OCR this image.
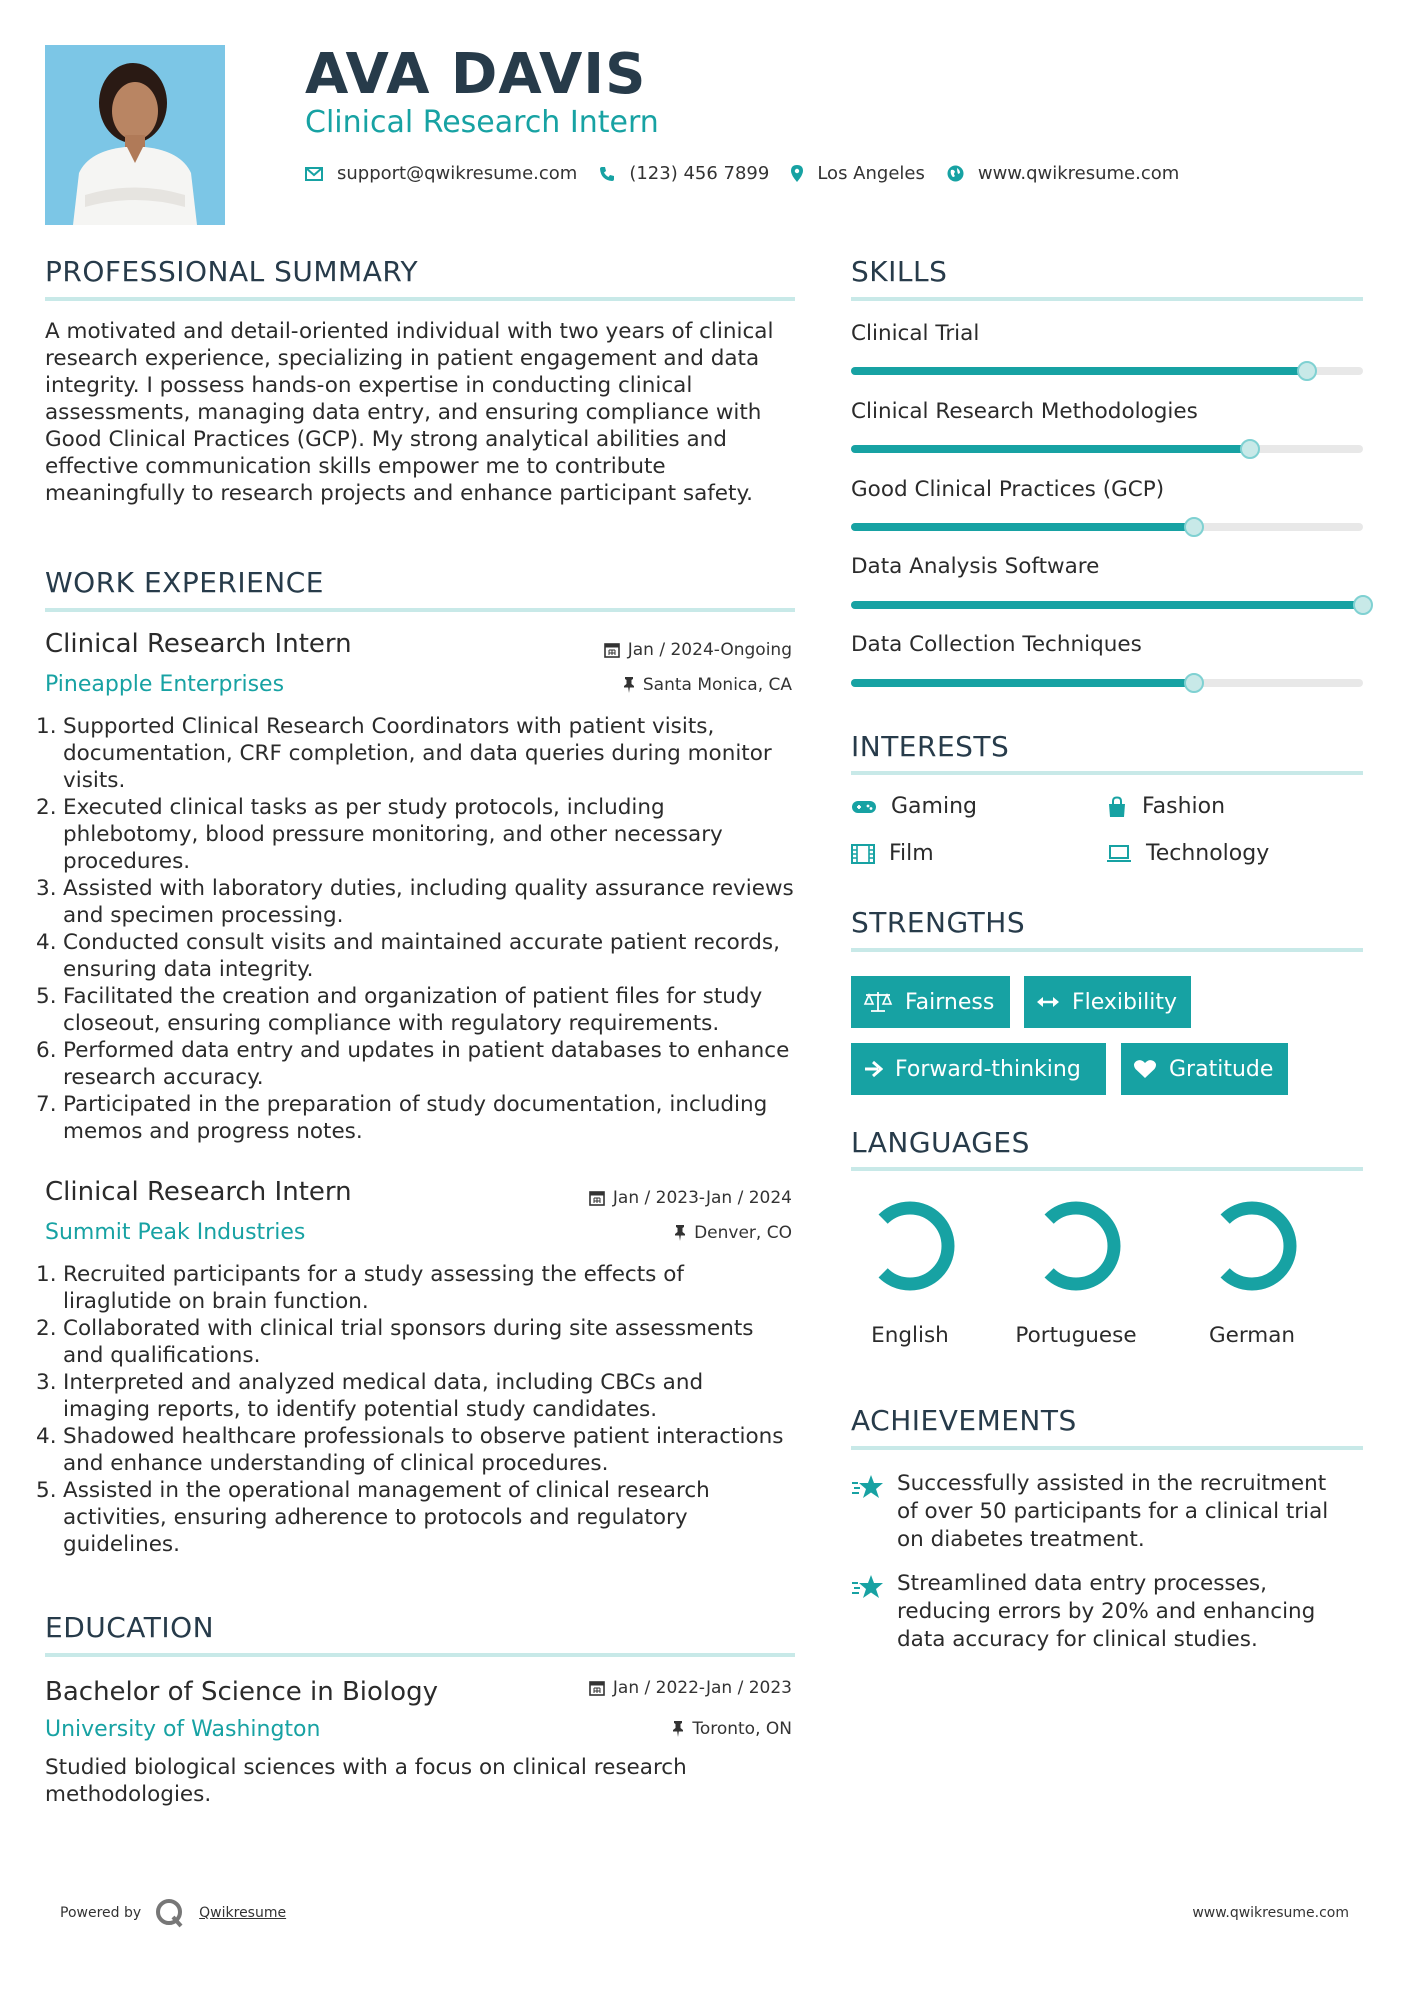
AVA DAVIS
Clinical Research Intern
support@qwikresume.com	(123) 456 7899	Los Angeles	www.qwikresume.com
PROFESSIONAL SUMMARY
A motivated and detail-oriented individual with two years of clinical research experience, specializing in patient engagement and data integrity. I possess hands-on expertise in conducting clinical assessments, managing data entry, and ensuring compliance with Good Clinical Practices (GCP). My strong analytical abilities and effective communication skills empower me to contribute meaningfully to research projects and enhance participant safety.
WORK EXPERIENCE
Clinical Research Intern	Jan / 2024-Ongoing
Pineapple Enterprises	Santa Monica, CA
Supported Clinical Research Coordinators with patient visits, documentation, CRF completion, and data queries during monitor visits.
Executed clinical tasks as per study protocols, including phlebotomy, blood pressure monitoring, and other necessary procedures.
Assisted with laboratory duties, including quality assurance reviews and specimen processing.
Conducted consult visits and maintained accurate patient records, ensuring data integrity.
Facilitated the creation and organization of patient files for study closeout, ensuring compliance with regulatory requirements.
Performed data entry and updates in patient databases to enhance research accuracy.
Participated in the preparation of study documentation, including memos and progress notes.
Clinical Research Intern	Jan / 2023-Jan / 2024
Summit Peak Industries	Denver, CO
Recruited participants for a study assessing the effects of liraglutide on brain function.
Collaborated with clinical trial sponsors during site assessments and qualifications.
Interpreted and analyzed medical data, including CBCs and imaging reports, to identify potential study candidates.
Shadowed healthcare professionals to observe patient interactions and enhance understanding of clinical procedures.
Assisted in the operational management of clinical research activities, ensuring adherence to protocols and regulatory guidelines.
EDUCATION
Bachelor of Science in Biology	Jan / 2022-Jan / 2023
University of Washington	Toronto, ON
Studied biological sciences with a focus on clinical research methodologies.
SKILLS
Clinical Trial
Clinical Research Methodologies
Good Clinical Practices (GCP)
Data Analysis Software
Data Collection Techniques
INTERESTS
Gaming	Fashion
Film	Technology
STRENGTHS
Fairness	Flexibility
Forward-thinking	Gratitude
LANGUAGES
English	Portuguese	German
ACHIEVEMENTS
Successfully assisted in the recruitment of over 50 participants for a clinical trial on diabetes treatment.
Streamlined data entry processes, reducing errors by 20% and enhancing data accuracy for clinical studies.
Powered by	Qwikresume	www.qwikresume.com
